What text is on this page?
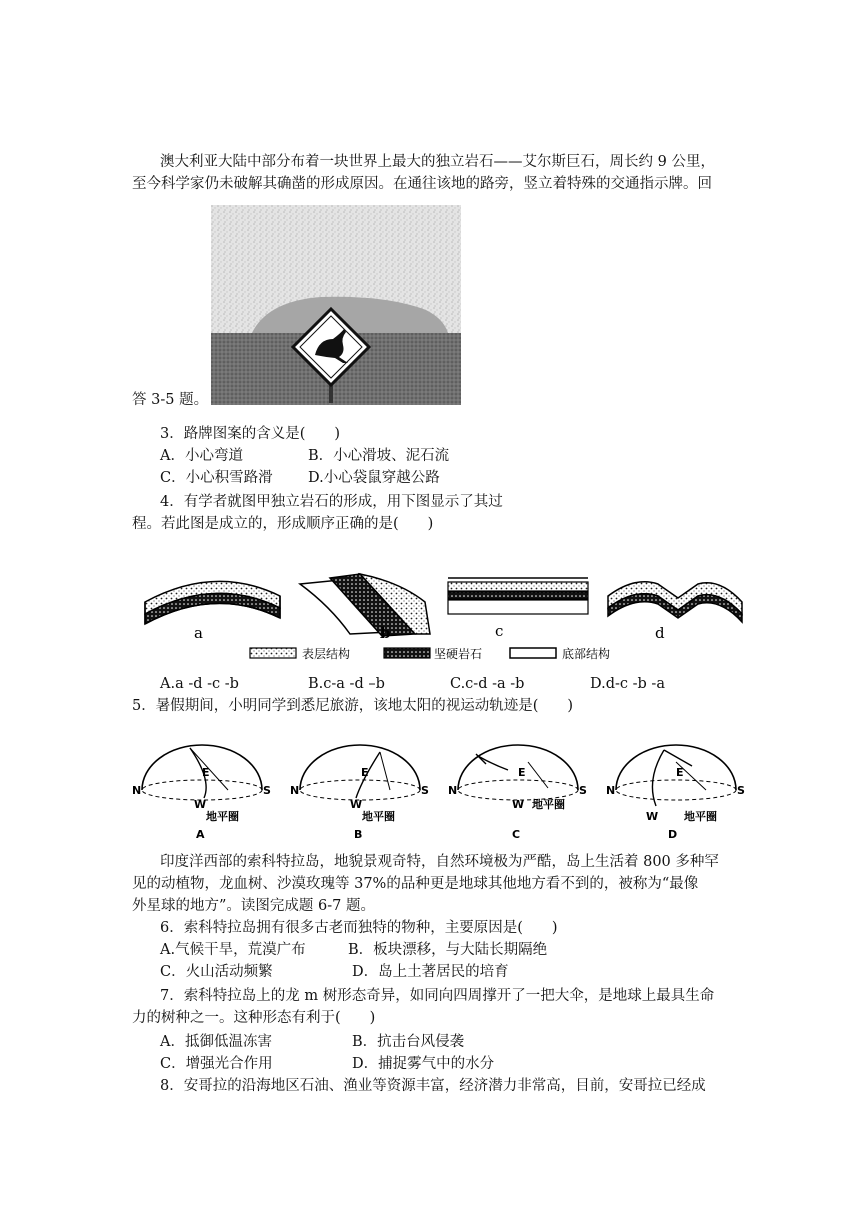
澳大利亚大陆中部分布着一块世界上最大的独立岩石——艾尔斯巨石，周长约 9 公里，
至今科学家仍未破解其确凿的形成原因。在通往该地的路旁，竖立着特殊的交通指示牌。回
答 3-5 题。
3．路牌图案的含义是(　　)
A．小心弯道	B．小心滑坡、泥石流
C．小心积雪路滑 D.小心袋鼠穿越公路
4．有学者就图甲独立岩石的形成，用下图显示了其过
程。若此图是成立的，形成顺序正确的是(　　)
a	b	c	d
表层结构	坚硬岩石	底部结构
A.a -d -c -b	B.c-a -d –b	C.c-d -a -b	D.d-c -b -a
5．暑假期间，小明同学到悉尼旅游，该地太阳的视运动轨迹是(　　)
N	S
E
W
地平圈
A
N	S
E
W
地平圈
B
N	S
E
W 地平圈
C
N	S
E
W 地平圈
D
印度洋西部的索科特拉岛，地貌景观奇特，自然环境极为严酷，岛上生活着 800 多种罕
见的动植物，龙血树、沙漠玫瑰等 37%的品种更是地球其他地方看不到的，被称为“最像
外星球的地方”。读图完成题 6-7 题。
6．索科特拉岛拥有很多古老而独特的物种，主要原因是(　　)
A.气候干旱，荒漠广布	B．板块漂移，与大陆长期隔绝
C．火山活动频繁	D．岛上土著居民的培育
7．索科特拉岛上的龙 m 树形态奇异，如同向四周撑开了一把大伞，是地球上最具生命
力的树种之一。这种形态有利于(　　)
A．抵御低温冻害	B．抗击台风侵袭
C．增强光合作用	D．捕捉雾气中的水分
8．安哥拉的沿海地区石油、渔业等资源丰富，经济潜力非常高，目前，安哥拉已经成
